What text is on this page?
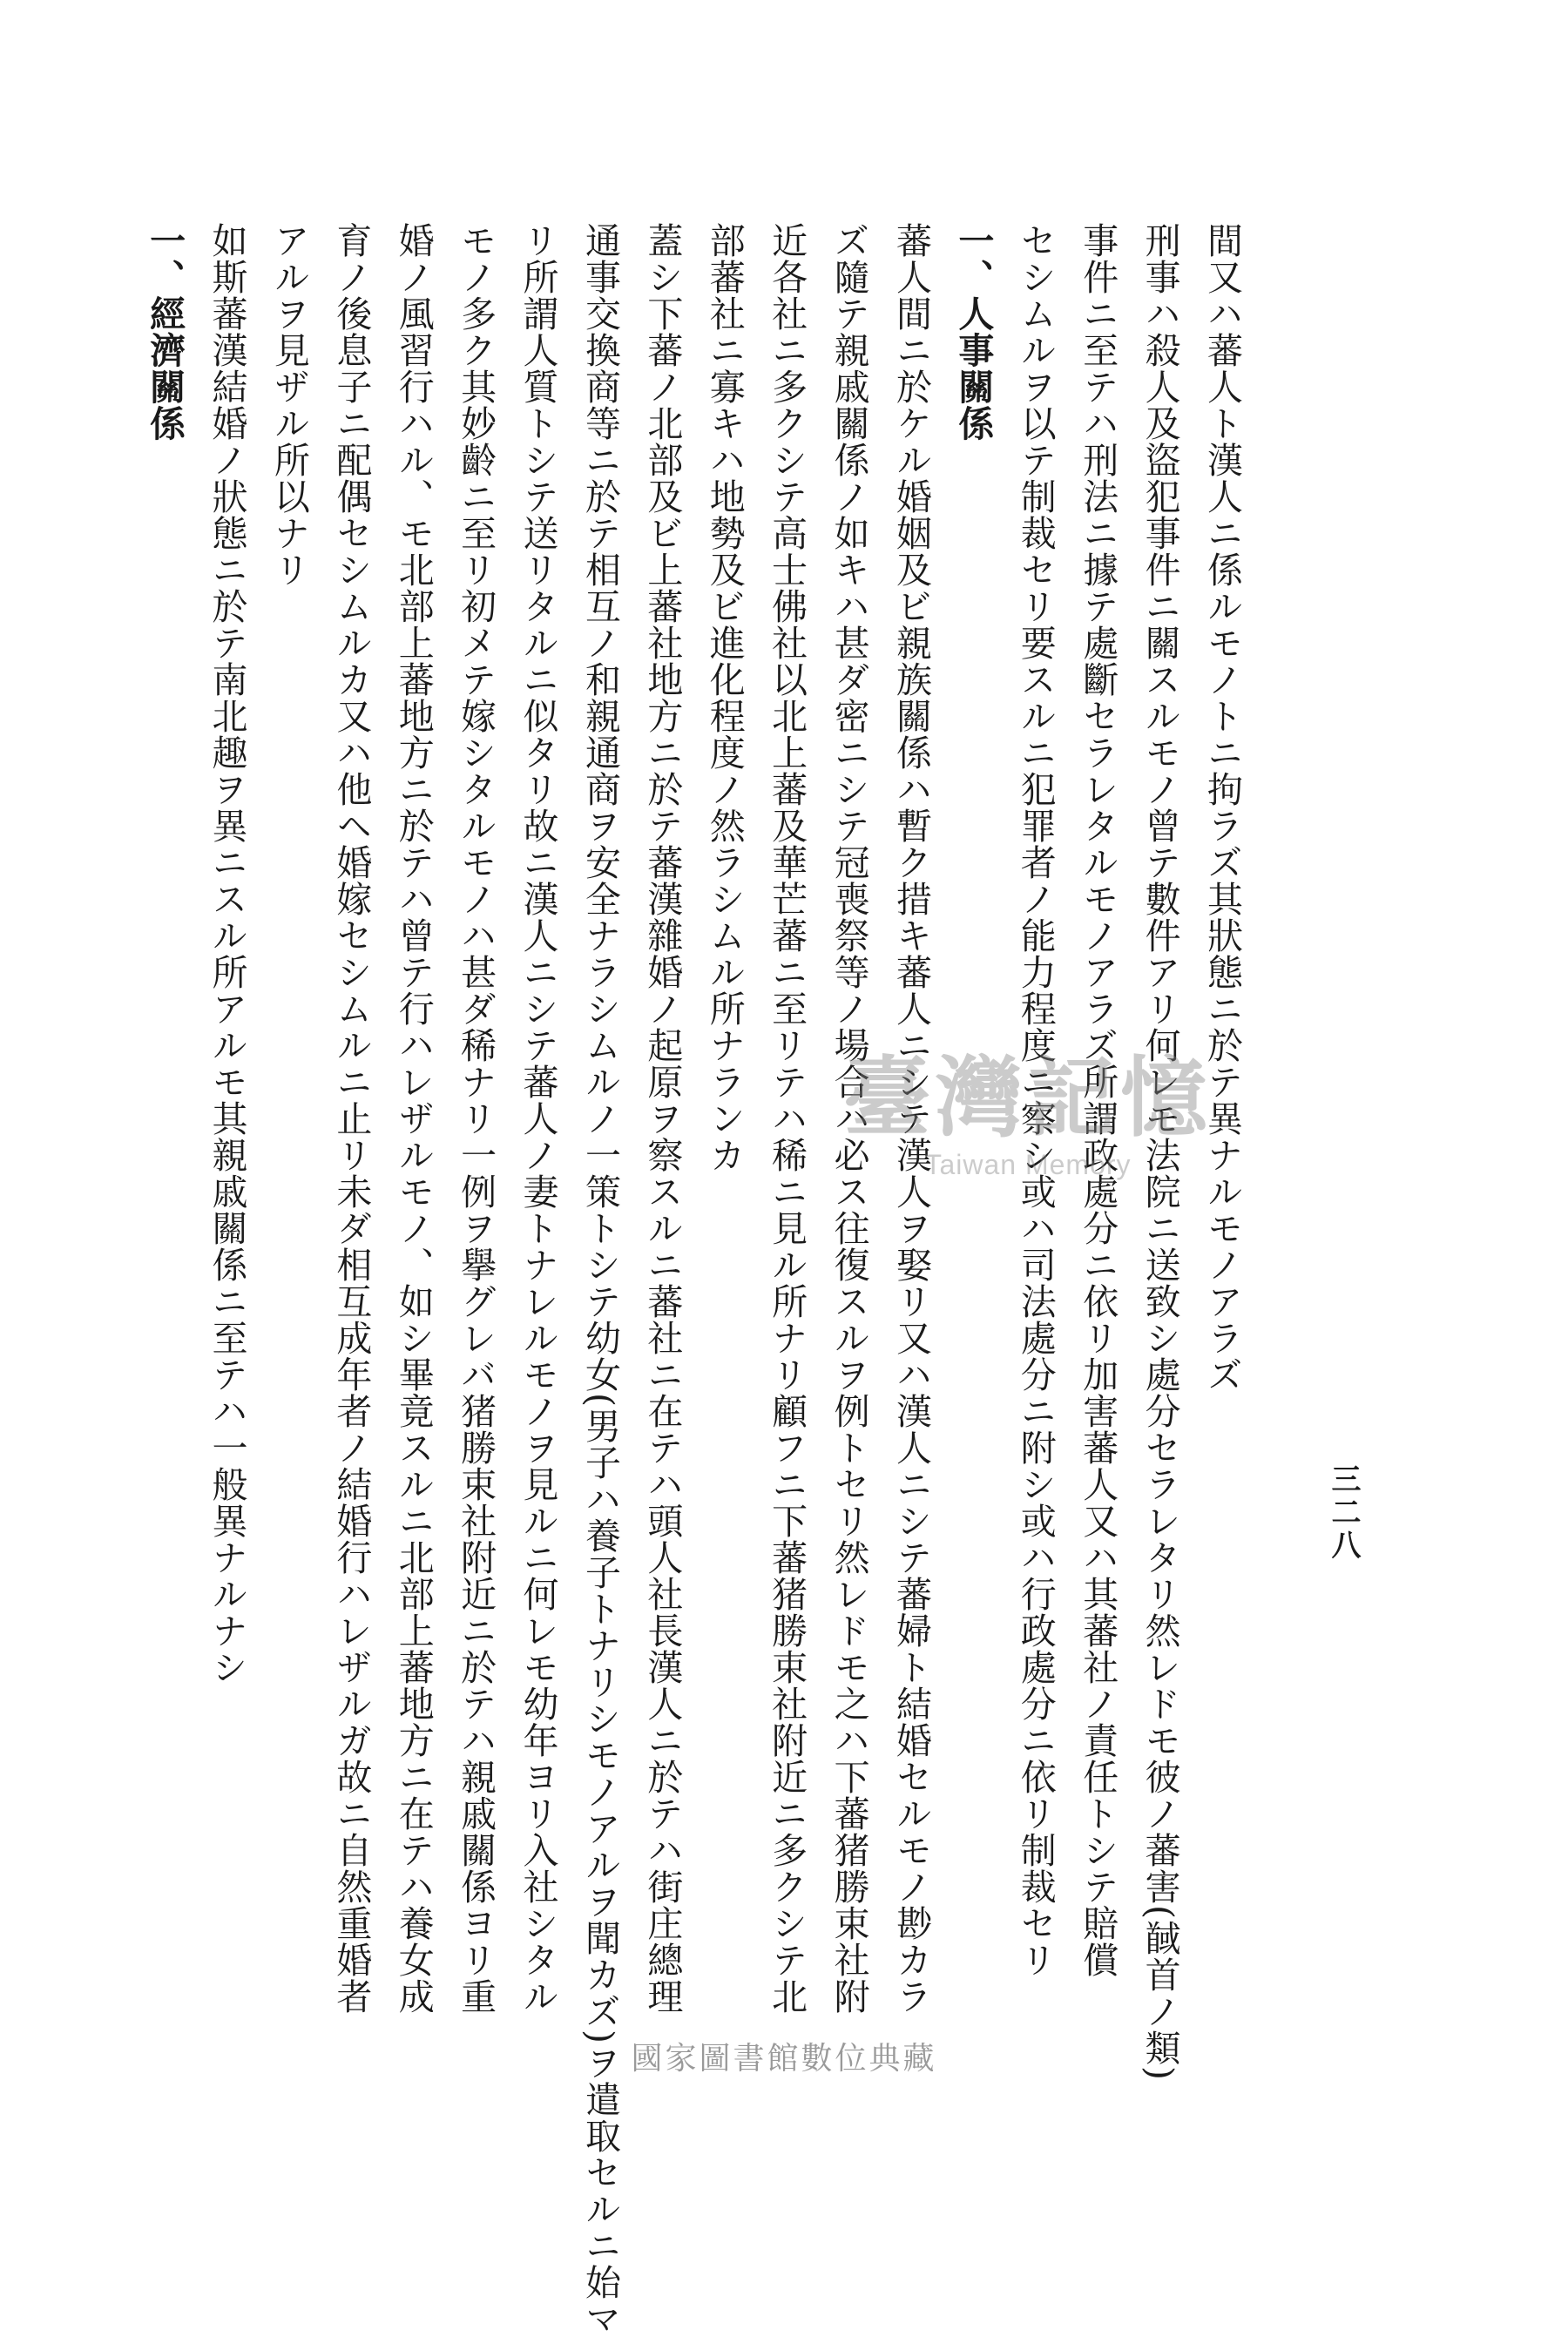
三二八
間又ハ蕃人ト漢人ニ係ルモノトニ拘ラズ其狀態ニ於テ異ナルモノアラズ
刑事ハ殺人及盜犯事件ニ關スルモノ曾テ數件アリ何レモ法院ニ送致シ處分セラレタリ然レドモ彼ノ蕃害(馘首ノ類)
事件ニ至テハ刑法ニ據テ處斷セラレタルモノアラズ所謂政處分ニ依リ加害蕃人又ハ其蕃社ノ責任トシテ賠償
セシムルヲ以テ制裁セリ要スルニ犯罪者ノ能力程度ニ察シ或ハ司法處分ニ附シ或ハ行政處分ニ依リ制裁セリ
一、人事關係
蕃人間ニ於ケル婚姻及ビ親族關係ハ暫ク措キ蕃人ニシテ漢人ヲ娶リ又ハ漢人ニシテ蕃婦ト結婚セルモノ尠カラ
ズ隨テ親戚關係ノ如キハ甚ダ密ニシテ冠喪祭等ノ場合ハ必ス往復スルヲ例トセリ然レドモ之ハ下蕃猪勝束社附
近各社ニ多クシテ高士佛社以北上蕃及華芒蕃ニ至リテハ稀ニ見ル所ナリ顧フニ下蕃猪勝束社附近ニ多クシテ北
部蕃社ニ寡キハ地勢及ビ進化程度ノ然ラシムル所ナランカ
蓋シ下蕃ノ北部及ビ上蕃社地方ニ於テ蕃漢雜婚ノ起原ヲ察スルニ蕃社ニ在テハ頭人社長漢人ニ於テハ街庄總理
通事交換商等ニ於テ相互ノ和親通商ヲ安全ナラシムルノ一策トシテ幼女(男子ハ養子トナリシモノアルヲ聞カズ)ヲ遣取セルニ始マ
リ所謂人質トシテ送リタルニ似タリ故ニ漢人ニシテ蕃人ノ妻トナレルモノヲ見ルニ何レモ幼年ヨリ入社シタル
モノ多ク其妙齡ニ至リ初メテ嫁シタルモノハ甚ダ稀ナリ一例ヲ擧グレバ猪勝束社附近ニ於テハ親戚關係ヨリ重
婚ノ風習行ハル、モ北部上蕃地方ニ於テハ曾テ行ハレザルモノ、如シ畢竟スルニ北部上蕃地方ニ在テハ養女成
育ノ後息子ニ配偶セシムルカ又ハ他ヘ婚嫁セシムルニ止リ未ダ相互成年者ノ結婚行ハレザルガ故ニ自然重婚者
アルヲ見ザル所以ナリ
如斯蕃漢結婚ノ狀態ニ於テ南北趣ヲ異ニスル所アルモ其親戚關係ニ至テハ一般異ナルナシ
一、經濟關係
臺灣記憶
Taiwan Memory
國家圖書館數位典藏
